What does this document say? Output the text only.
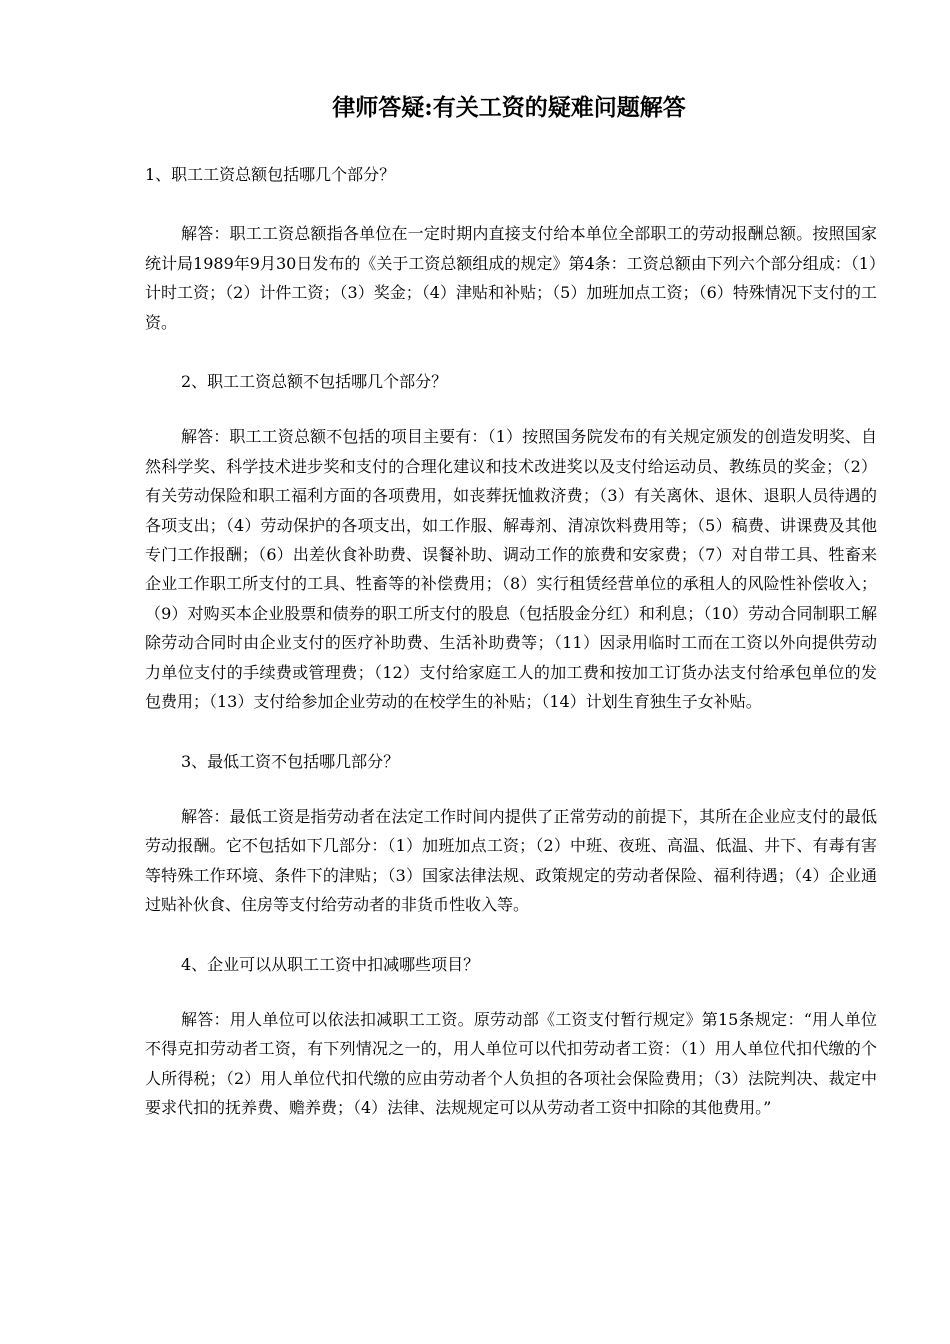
律师答疑:有关工资的疑难问题解答

1、职工工资总额包括哪几个部分？

解答：职工工资总额指各单位在一定时期内直接支付给本单位全部职工的劳动报酬总额。按照国家统计局1989年9月30日发布的《关于工资总额组成的规定》第4条：工资总额由下列六个部分组成：（1）计时工资；（2）计件工资；（3）奖金；（4）津贴和补贴；（5）加班加点工资；（6）特殊情况下支付的工资。

2、职工工资总额不包括哪几个部分？

解答：职工工资总额不包括的项目主要有：（1）按照国务院发布的有关规定颁发的创造发明奖、自然科学奖、科学技术进步奖和支付的合理化建议和技术改进奖以及支付给运动员、教练员的奖金；（2）有关劳动保险和职工福利方面的各项费用，如丧葬抚恤救济费；（3）有关离休、退休、退职人员待遇的各项支出；（4）劳动保护的各项支出，如工作服、解毒剂、清凉饮料费用等；（5）稿费、讲课费及其他专门工作报酬；（6）出差伙食补助费、误餐补助、调动工作的旅费和安家费；（7）对自带工具、牲畜来企业工作职工所支付的工具、牲畜等的补偿费用；（8）实行租赁经营单位的承租人的风险性补偿收入；（9）对购买本企业股票和债券的职工所支付的股息（包括股金分红）和利息；（10）劳动合同制职工解除劳动合同时由企业支付的医疗补助费、生活补助费等；（11）因录用临时工而在工资以外向提供劳动力单位支付的手续费或管理费；（12）支付给家庭工人的加工费和按加工订货办法支付给承包单位的发包费用；（13）支付给参加企业劳动的在校学生的补贴；（14）计划生育独生子女补贴。

3、最低工资不包括哪几部分？

解答：最低工资是指劳动者在法定工作时间内提供了正常劳动的前提下，其所在企业应支付的最低劳动报酬。它不包括如下几部分：（1）加班加点工资；（2）中班、夜班、高温、低温、井下、有毒有害等特殊工作环境、条件下的津贴；（3）国家法律法规、政策规定的劳动者保险、福利待遇；（4）企业通过贴补伙食、住房等支付给劳动者的非货币性收入等。

4、企业可以从职工工资中扣减哪些项目？

解答：用人单位可以依法扣减职工工资。原劳动部《工资支付暂行规定》第15条规定：“用人单位不得克扣劳动者工资，有下列情况之一的，用人单位可以代扣劳动者工资：（1）用人单位代扣代缴的个人所得税；（2）用人单位代扣代缴的应由劳动者个人负担的各项社会保险费用；（3）法院判决、裁定中要求代扣的抚养费、赡养费；（4）法律、法规规定可以从劳动者工资中扣除的其他费用。”
